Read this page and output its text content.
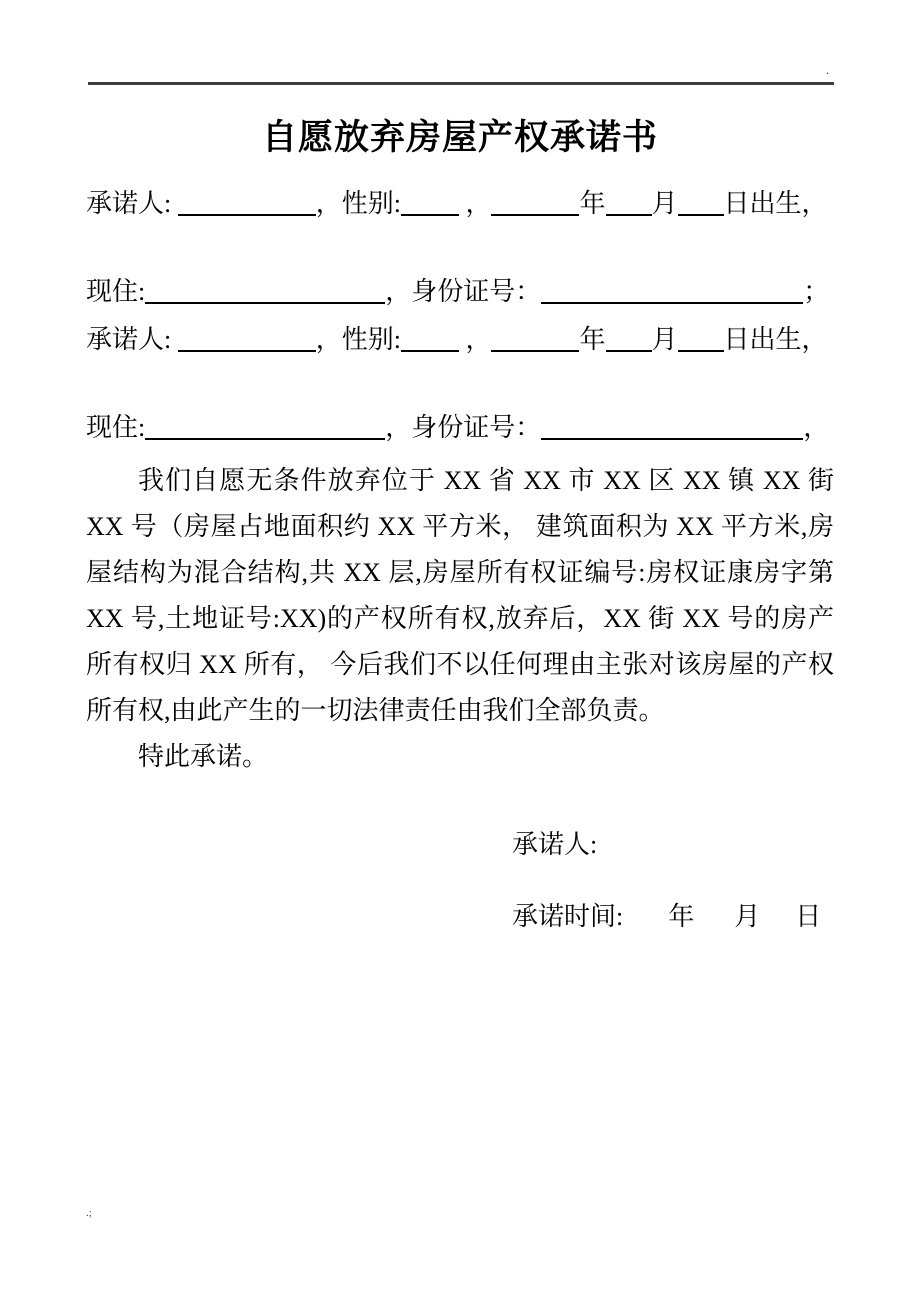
.
自愿放弃房屋产权承诺书
承诺人:	，性别: ，	年 月 日出生，
现住:	，身份证号：	；
承诺人:	，性别: ，	年 月 日出生，
现住:	，身份证号：	，

我们自愿无条件放弃位于 XX 省 XX 市 XX 区 XX 镇 XX 街 XX 号（房屋占地面积约 XX 平方米， 建筑面积为 XX 平方米,房屋结构为混合结构,共 XX 层,房屋所有权证编号:房权证康房字第 XX 号,土地证号:XX)的产权所有权,放弃后，XX 街 XX 号的房产所有权归 XX 所有， 今后我们不以任何理由主张对该房屋的产权所有权,由此产生的一切法律责任由我们全部负责。

特此承诺。

承诺人:

承诺时间: 年 月 日

.;
